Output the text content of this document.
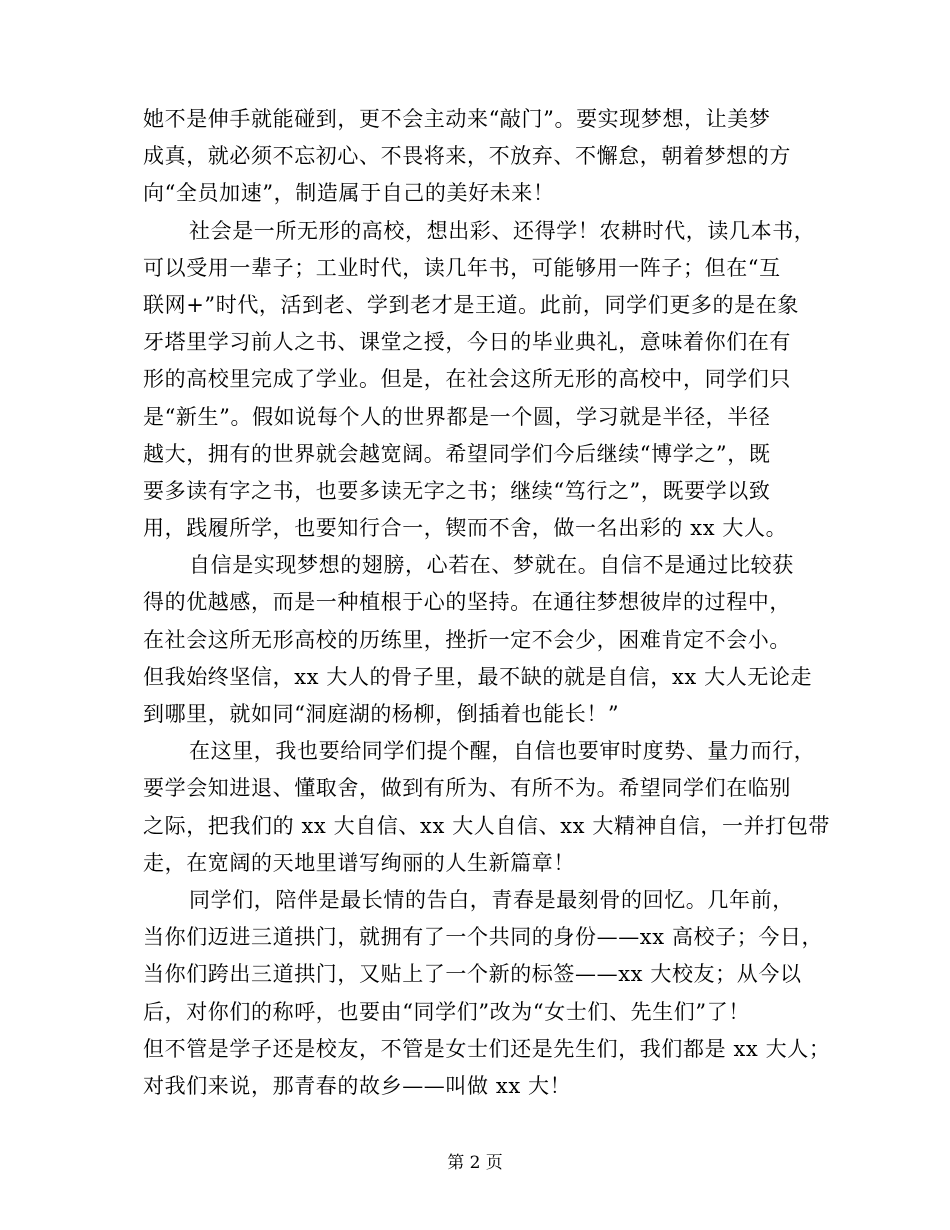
她不是伸手就能碰到，更不会主动来“敲门”。要实现梦想，让美梦
成真，就必须不忘初心、不畏将来，不放弃、不懈怠，朝着梦想的方
向“全员加速”，制造属于自己的美好未来！
社会是一所无形的高校，想出彩、还得学！农耕时代，读几本书，
可以受用一辈子；工业时代，读几年书，可能够用一阵子；但在“互
联网+”时代，活到老、学到老才是王道。此前，同学们更多的是在象
牙塔里学习前人之书、课堂之授，今日的毕业典礼，意味着你们在有
形的高校里完成了学业。但是，在社会这所无形的高校中，同学们只
是“新生”。假如说每个人的世界都是一个圆，学习就是半径，半径
越大，拥有的世界就会越宽阔。希望同学们今后继续“博学之”，既
要多读有字之书，也要多读无字之书；继续“笃行之”，既要学以致
用，践履所学，也要知行合一，锲而不舍，做一名出彩的 xx 大人。
自信是实现梦想的翅膀，心若在、梦就在。自信不是通过比较获
得的优越感，而是一种植根于心的坚持。在通往梦想彼岸的过程中，
在社会这所无形高校的历练里，挫折一定不会少，困难肯定不会小。
但我始终坚信，xx 大人的骨子里，最不缺的就是自信，xx 大人无论走
到哪里，就如同“洞庭湖的杨柳，倒插着也能长！”
在这里，我也要给同学们提个醒，自信也要审时度势、量力而行，
要学会知进退、懂取舍，做到有所为、有所不为。希望同学们在临别
之际，把我们的 xx 大自信、xx 大人自信、xx 大精神自信，一并打包带
走，在宽阔的天地里谱写绚丽的人生新篇章！
同学们，陪伴是最长情的告白，青春是最刻骨的回忆。几年前，
当你们迈进三道拱门，就拥有了一个共同的身份——xx 高校子；今日，
当你们跨出三道拱门，又贴上了一个新的标签——xx 大校友；从今以
后，对你们的称呼，也要由“同学们”改为“女士们、先生们”了！
但不管是学子还是校友，不管是女士们还是先生们，我们都是 xx 大人；
对我们来说，那青春的故乡——叫做 xx 大！
第 2 页
